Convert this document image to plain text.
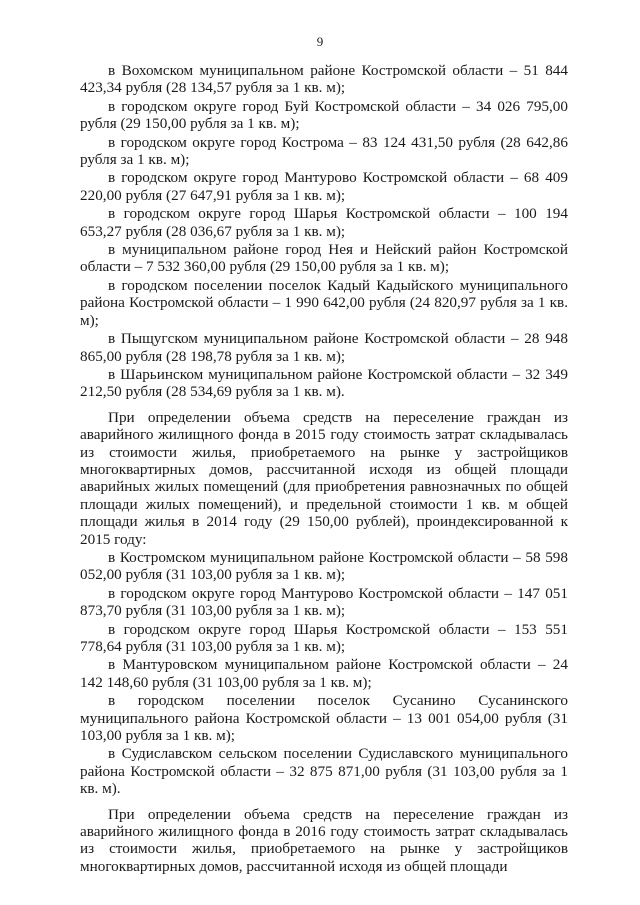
9

в Вохомском муниципальном районе Костромской области – 51 844 423,34 рубля (28 134,57 рубля за 1 кв. м);

в городском округе город Буй Костромской области – 34 026 795,00 рубля (29 150,00 рубля за 1 кв. м);

в городском округе город Кострома – 83 124 431,50 рубля (28 642,86 рубля за 1 кв. м);

в городском округе город Мантурово Костромской области – 68 409 220,00 рубля (27 647,91 рубля за 1 кв. м);

в городском округе город Шарья Костромской области – 100 194 653,27 рубля (28 036,67 рубля за 1 кв. м);

в муниципальном районе город Нея и Нейский район Костромской области – 7 532 360,00 рубля (29 150,00 рубля за 1 кв. м);

в городском поселении поселок Кадый Кадыйского муниципального района Костромской области – 1 990 642,00 рубля (24 820,97 рубля за 1 кв. м);

в Пыщугском муниципальном районе Костромской области – 28 948 865,00 рубля (28 198,78 рубля за 1 кв. м);

в Шарьинском муниципальном районе Костромской области – 32 349 212,50 рубля (28 534,69 рубля за 1 кв. м).

При определении объема средств на переселение граждан из аварийного жилищного фонда в 2015 году стоимость затрат складывалась из стоимости жилья, приобретаемого на рынке у застройщиков многоквартирных домов, рассчитанной исходя из общей площади аварийных жилых помещений (для приобретения равнозначных по общей площади жилых помещений), и предельной стоимости 1 кв. м общей площади жилья в 2014 году (29 150,00 рублей), проиндексированной к 2015 году:

в Костромском муниципальном районе Костромской области – 58 598 052,00 рубля (31 103,00 рубля за 1 кв. м);

в городском округе город Мантурово Костромской области – 147 051 873,70 рубля (31 103,00 рубля за 1 кв. м);

в городском округе город Шарья Костромской области – 153 551 778,64 рубля (31 103,00 рубля за 1 кв. м);

в Мантуровском муниципальном районе Костромской области – 24 142 148,60 рубля (31 103,00 рубля за 1 кв. м);

в городском поселении поселок Сусанино Сусанинского муниципального района Костромской области – 13 001 054,00 рубля (31 103,00 рубля за 1 кв. м);

в Судиславском сельском поселении Судиславского муниципального района Костромской области – 32 875 871,00 рубля (31 103,00 рубля за 1 кв. м).

При определении объема средств на переселение граждан из аварийного жилищного фонда в 2016 году стоимость затрат складывалась из стоимости жилья, приобретаемого на рынке у застройщиков многоквартирных домов, рассчитанной исходя из общей площади
